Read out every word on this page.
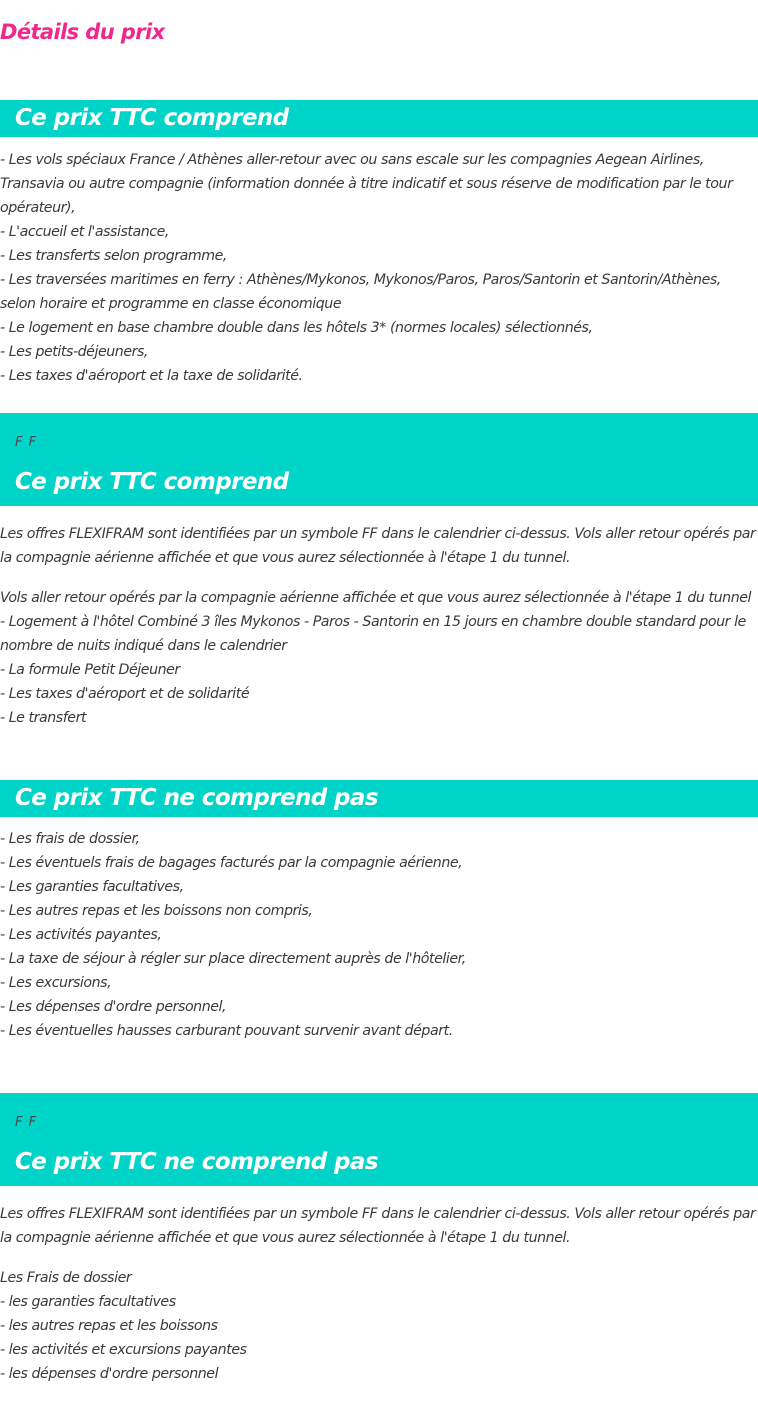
Détails du prix
Ce prix TTC comprend
- Les vols spéciaux France / Athènes aller-retour avec ou sans escale sur les compagnies Aegean Airlines, Transavia ou autre compagnie (information donnée à titre indicatif et sous réserve de modification par le tour opérateur),
- L'accueil et l'assistance,
- Les transferts selon programme,
- Les traversées maritimes en ferry : Athènes/Mykonos, Mykonos/Paros, Paros/Santorin et Santorin/Athènes, selon horaire et programme en classe économique
- Le logement en base chambre double dans les hôtels 3* (normes locales) sélectionnés,
- Les petits-déjeuners,
- Les taxes d'aéroport et la taxe de solidarité.
F F
Ce prix TTC comprend

Les offres FLEXIFRAM sont identifiées par un symbole FF dans le calendrier ci-dessus. Vols aller retour opérés par la compagnie aérienne affichée et que vous aurez sélectionnée à l'étape 1 du tunnel.

Vols aller retour opérés par la compagnie aérienne affichée et que vous aurez sélectionnée à l'étape 1 du tunnel
- Logement à l'hôtel Combiné 3 îles Mykonos - Paros - Santorin en 15 jours en chambre double standard pour le nombre de nuits indiqué dans le calendrier
- La formule Petit Déjeuner
- Les taxes d'aéroport et de solidarité
- Le transfert
Ce prix TTC ne comprend pas
- Les frais de dossier,
- Les éventuels frais de bagages facturés par la compagnie aérienne,
- Les garanties facultatives,
- Les autres repas et les boissons non compris,
- Les activités payantes,
- La taxe de séjour à régler sur place directement auprès de l'hôtelier,
- Les excursions,
- Les dépenses d'ordre personnel,
- Les éventuelles hausses carburant pouvant survenir avant départ.
F F
Ce prix TTC ne comprend pas

Les offres FLEXIFRAM sont identifiées par un symbole FF dans le calendrier ci-dessus. Vols aller retour opérés par la compagnie aérienne affichée et que vous aurez sélectionnée à l'étape 1 du tunnel.

Les Frais de dossier
- les garanties facultatives
- les autres repas et les boissons
- les activités et excursions payantes
- les dépenses d'ordre personnel
